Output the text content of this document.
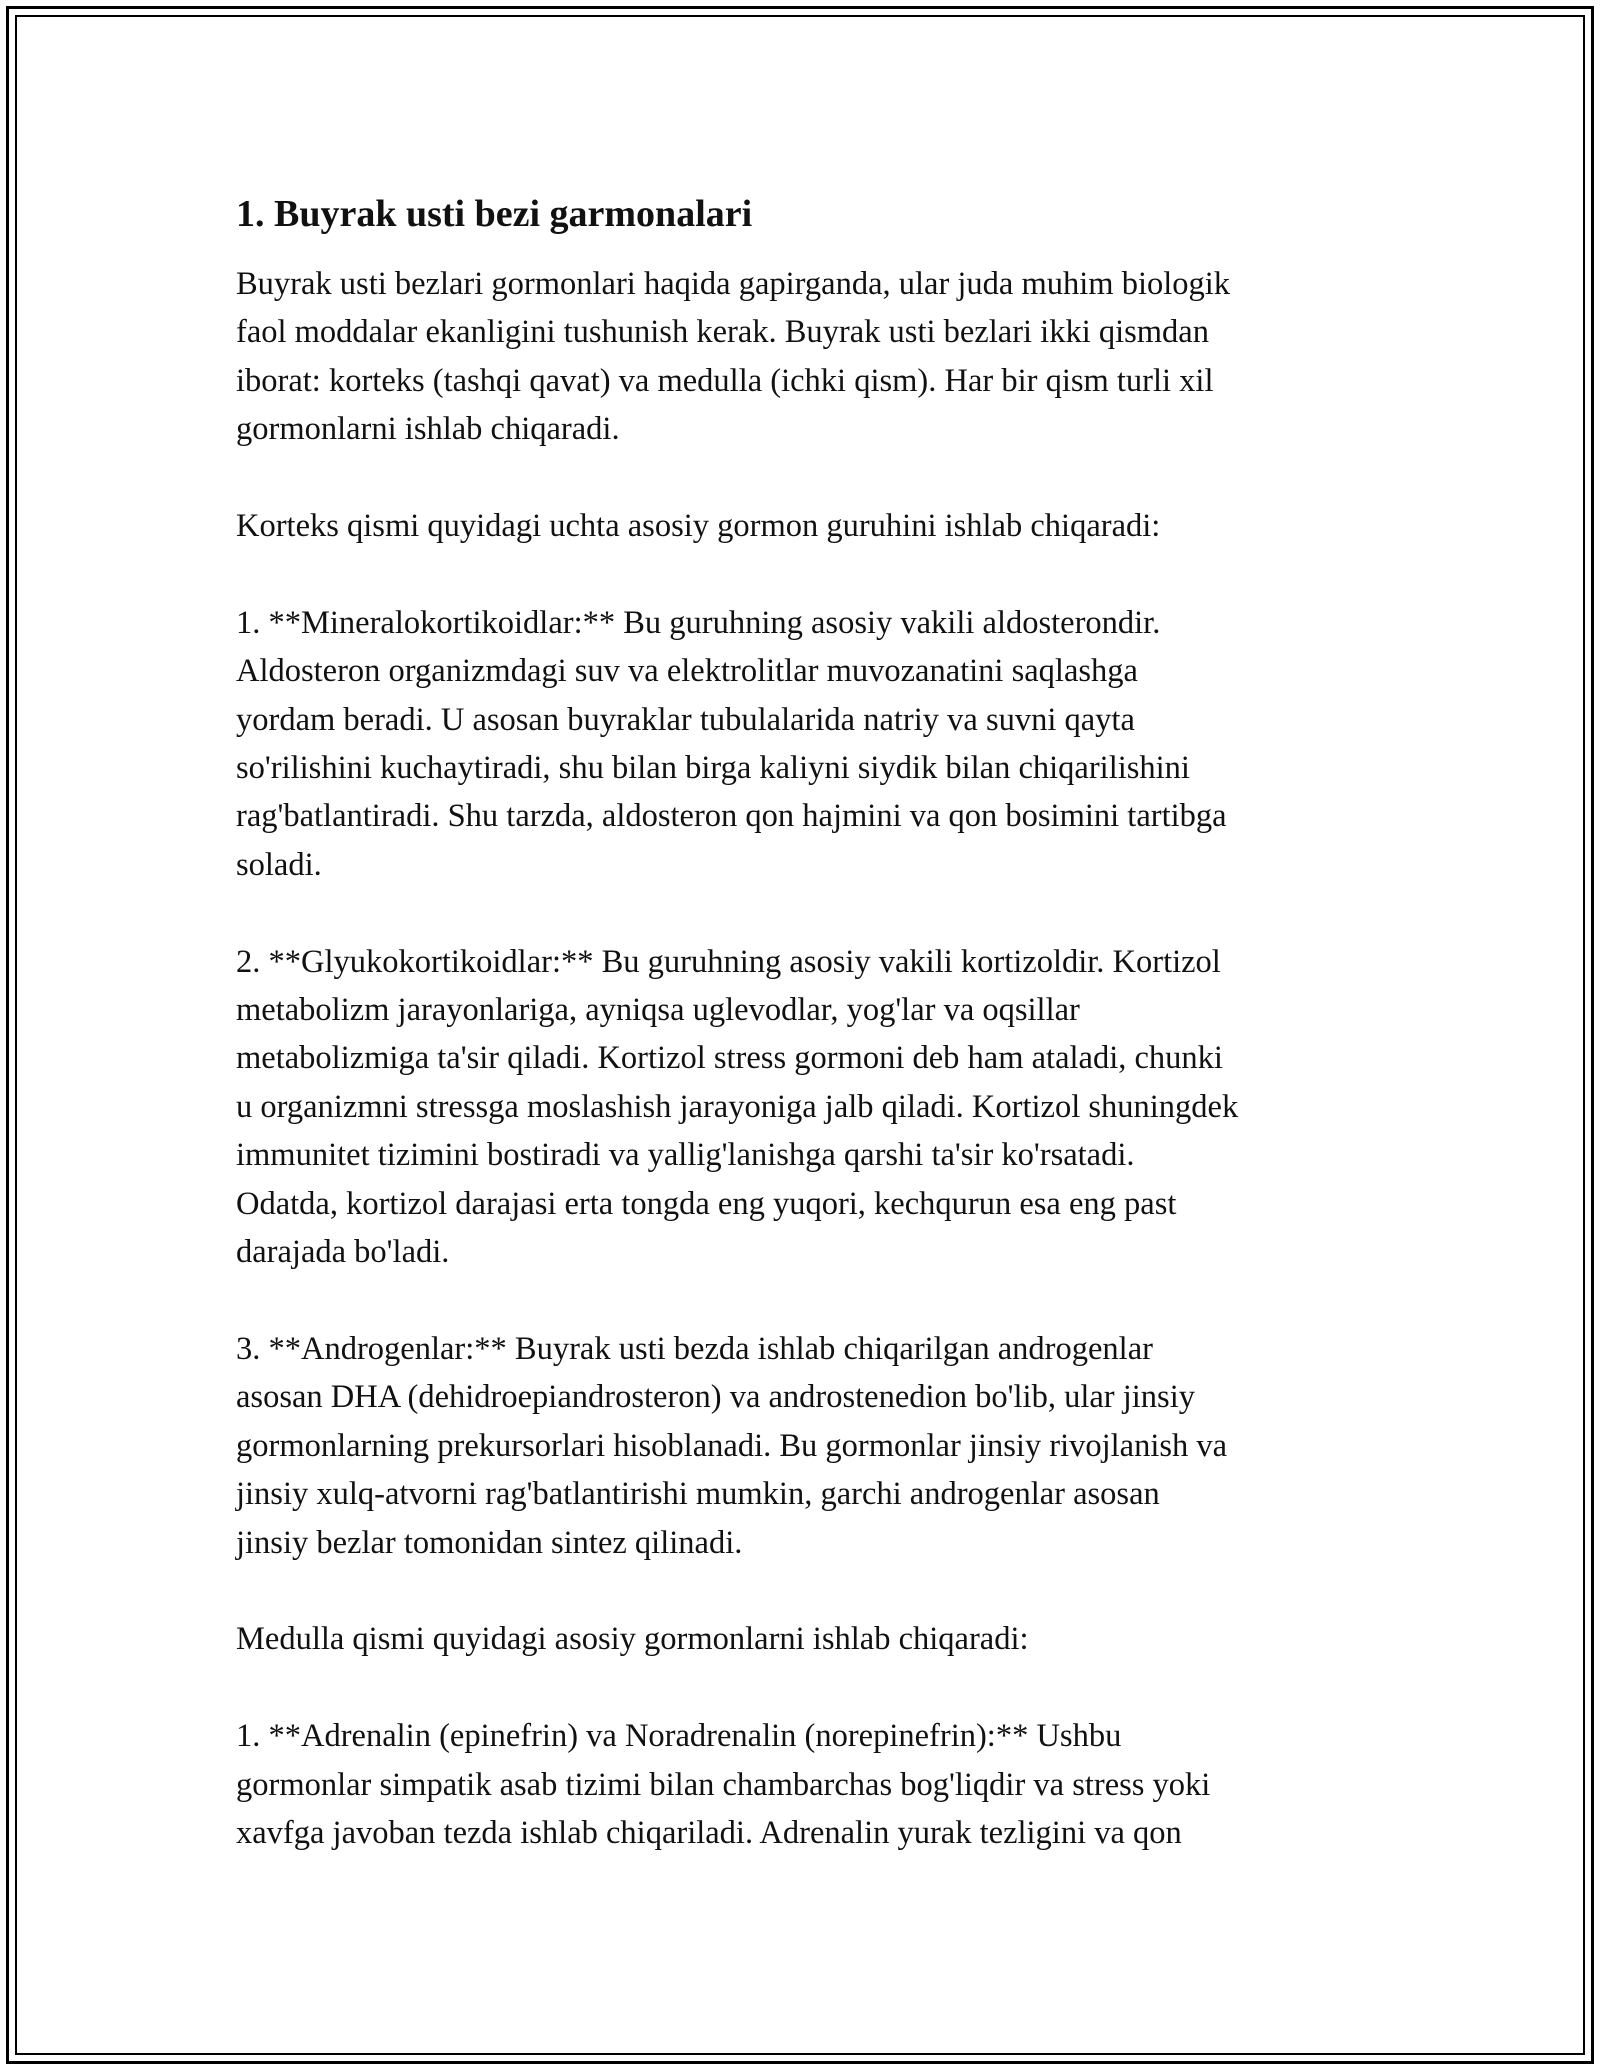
1. Buyrak usti bezi garmonalari

Buyrak usti bezlari gormonlari haqida gapirganda, ular juda muhim biologik
faol moddalar ekanligini tushunish kerak. Buyrak usti bezlari ikki qismdan
iborat: korteks (tashqi qavat) va medulla (ichki qism). Har bir qism turli xil
gormonlarni ishlab chiqaradi.

Korteks qismi quyidagi uchta asosiy gormon guruhini ishlab chiqaradi:

1. **Mineralokortikoidlar:** Bu guruhning asosiy vakili aldosterondir.
Aldosteron organizmdagi suv va elektrolitlar muvozanatini saqlashga
yordam beradi. U asosan buyraklar tubulalarida natriy va suvni qayta
so'rilishini kuchaytiradi, shu bilan birga kaliyni siydik bilan chiqarilishini
rag'batlantiradi. Shu tarzda, aldosteron qon hajmini va qon bosimini tartibga
soladi.

2. **Glyukokortikoidlar:** Bu guruhning asosiy vakili kortizoldir. Kortizol
metabolizm jarayonlariga, ayniqsa uglevodlar, yog'lar va oqsillar
metabolizmiga ta'sir qiladi. Kortizol stress gormoni deb ham ataladi, chunki
u organizmni stressga moslashish jarayoniga jalb qiladi. Kortizol shuningdek
immunitet tizimini bostiradi va yallig'lanishga qarshi ta'sir ko'rsatadi.
Odatda, kortizol darajasi erta tongda eng yuqori, kechqurun esa eng past
darajada bo'ladi.

3. **Androgenlar:** Buyrak usti bezda ishlab chiqarilgan androgenlar
asosan DHA (dehidroepiandrosteron) va androstenedion bo'lib, ular jinsiy
gormonlarning prekursorlari hisoblanadi. Bu gormonlar jinsiy rivojlanish va
jinsiy xulq-atvorni rag'batlantirishi mumkin, garchi androgenlar asosan
jinsiy bezlar tomonidan sintez qilinadi.

Medulla qismi quyidagi asosiy gormonlarni ishlab chiqaradi:

1. **Adrenalin (epinefrin) va Noradrenalin (norepinefrin):** Ushbu
gormonlar simpatik asab tizimi bilan chambarchas bog'liqdir va stress yoki
xavfga javoban tezda ishlab chiqariladi. Adrenalin yurak tezligini va qon
